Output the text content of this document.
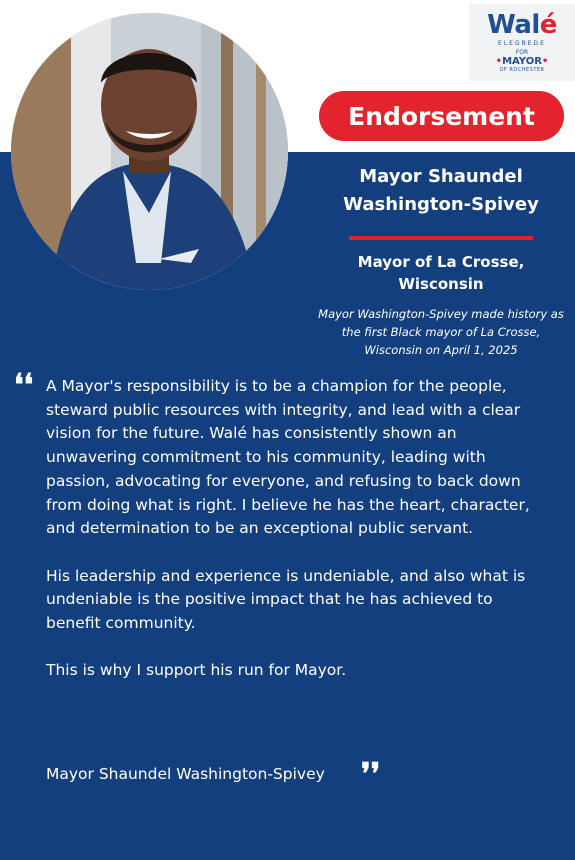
Walé
ELEGBEDE
FOR
•MAYOR•
OF ROCHESTER
Endorsement
Mayor Shaundel Washington-Spivey
Mayor of La Crosse, Wisconsin
Mayor Washington-Spivey made history as the first Black mayor of La Crosse, Wisconsin on April 1, 2025
❛❛ A Mayor's responsibility is to be a champion for the people, steward public resources with integrity, and lead with a clear vision for the future. Walé has consistently shown an unwavering commitment to his community, leading with passion, advocating for everyone, and refusing to back down from doing what is right. I believe he has the heart, character, and determination to be an exceptional public servant.

His leadership and experience is undeniable, and also what is undeniable is the positive impact that he has achieved to benefit community.

This is why I support his run for Mayor.

Mayor Shaundel Washington-Spivey	❜❜
